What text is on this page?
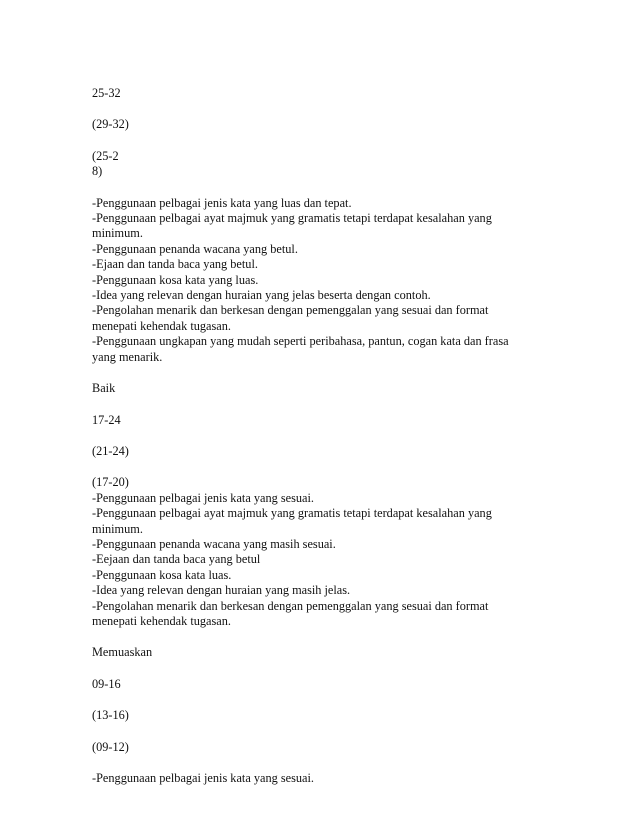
25-32
(29-32)
(25-2
8)
-Penggunaan pelbagai jenis kata yang luas dan tepat.
-Penggunaan pelbagai ayat majmuk yang gramatis tetapi terdapat kesalahan yang
minimum.
-Penggunaan penanda wacana yang betul.
-Ejaan dan tanda baca yang betul.
-Penggunaan kosa kata yang luas.
-Idea yang relevan dengan huraian yang jelas beserta dengan contoh.
-Pengolahan menarik dan berkesan dengan pemenggalan yang sesuai dan format
menepati kehendak tugasan.
-Penggunaan ungkapan yang mudah seperti peribahasa, pantun, cogan kata dan frasa
yang menarik.
Baik
17-24
(21-24)
(17-20)
-Penggunaan pelbagai jenis kata yang sesuai.
-Penggunaan pelbagai ayat majmuk yang gramatis tetapi terdapat kesalahan yang
minimum.
-Penggunaan penanda wacana yang masih sesuai.
-Eejaan dan tanda baca yang betul
-Penggunaan kosa kata luas.
-Idea yang relevan dengan huraian yang masih jelas.
-Pengolahan menarik dan berkesan dengan pemenggalan yang sesuai dan format
menepati kehendak tugasan.
Memuaskan
09-16
(13-16)
(09-12)
-Penggunaan pelbagai jenis kata yang sesuai.
